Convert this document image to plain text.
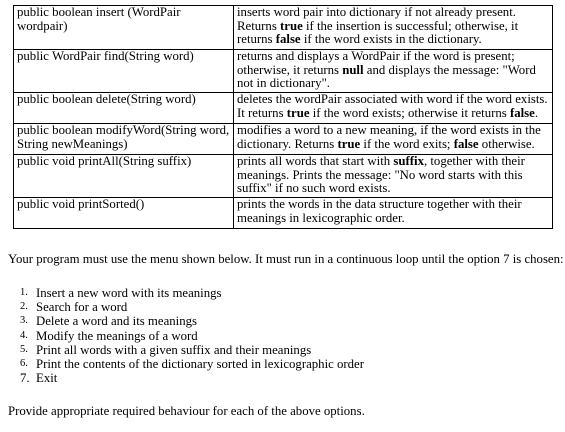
public boolean insert (WordPair wordpair)	inserts word pair into dictionary if not already present. Returns true if the insertion is successful; otherwise, it returns false if the word exists in the dictionary.
public WordPair find(String word)	returns and displays a WordPair if the word is present; otherwise, it returns null and displays the message: "Word not in dictionary".
public boolean delete(String word)	deletes the wordPair associated with word if the word exists. It returns true if the word exists; otherwise it returns false.
public boolean modifyWord(String word, String newMeanings)	modifies a word to a new meaning, if the word exists in the dictionary. Returns true if the word exits; false otherwise.
public void printAll(String suffix)	prints all words that start with suffix, together with their meanings. Prints the message: "No word starts with this suffix" if no such word exists.
public void printSorted()	prints the words in the data structure together with their meanings in lexicographic order.
Your program must use the menu shown below. It must run in a continuous loop until the option 7 is chosen:
1. Insert a new word with its meanings
2. Search for a word
3. Delete a word and its meanings
4. Modify the meanings of a word
5. Print all words with a given suffix and their meanings
6. Print the contents of the dictionary sorted in lexicographic order
7. Exit
Provide appropriate required behaviour for each of the above options.
